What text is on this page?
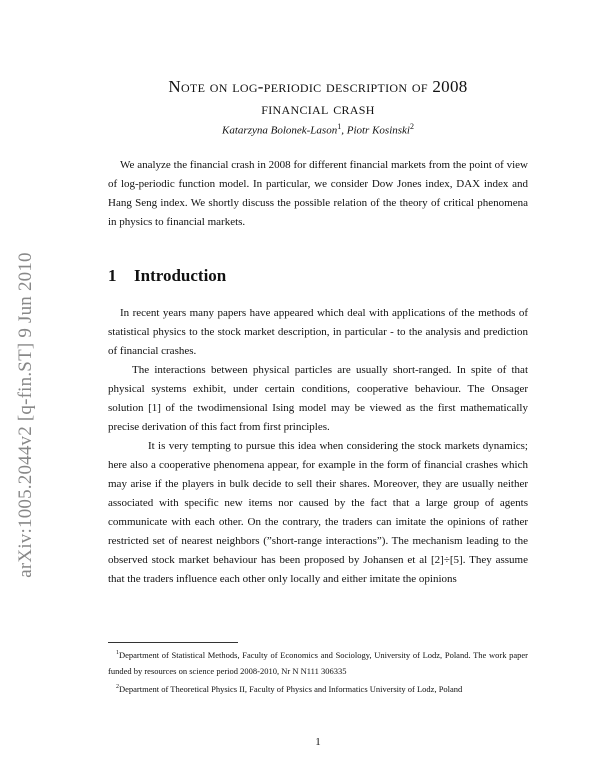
arXiv:1005.2044v2 [q-fin.ST] 9 Jun 2010
Note on log-periodic description of 2008
financial crash
Katarzyna Bolonek-Lason$^1$, Piotr Kosinski$^2$
We analyze the financial crash in 2008 for different financial markets from the point of view of log-periodic function model. In particular, we consider Dow Jones index, DAX index and Hang Seng index. We shortly discuss the possible relation of the theory of critical phenomena in physics to financial markets.
1 Introduction

In recent years many papers have appeared which deal with applications of the methods of statistical physics to the stock market description, in particular - to the analysis and prediction of financial crashes.

The interactions between physical particles are usually short-ranged. In spite of that physical systems exhibit, under certain conditions, cooperative behaviour. The Onsager solution [1] of the twodimensional Ising model may be viewed as the first mathematically precise derivation of this fact from first principles.

It is very tempting to pursue this idea when considering the stock markets dynamics; here also a cooperative phenomena appear, for example in the form of financial crashes which may arise if the players in bulk decide to sell their shares. Moreover, they are usually neither associated with specific new items nor caused by the fact that a large group of agents communicate with each other. On the contrary, the traders can imitate the opinions of rather restricted set of nearest neighbors (”short-range interactions”). The mechanism leading to the observed stock market behaviour has been proposed by Johansen et al [2]÷[5]. They assume that the traders influence each other only locally and either imitate the opinions

$^1$Department of Statistical Methods, Faculty of Economics and Sociology, University of Lodz, Poland. The work paper funded by resources on science period 2008-2010, Nr N N111 306335

$^2$Department of Theoretical Physics II, Faculty of Physics and Informatics University of Lodz, Poland

1
